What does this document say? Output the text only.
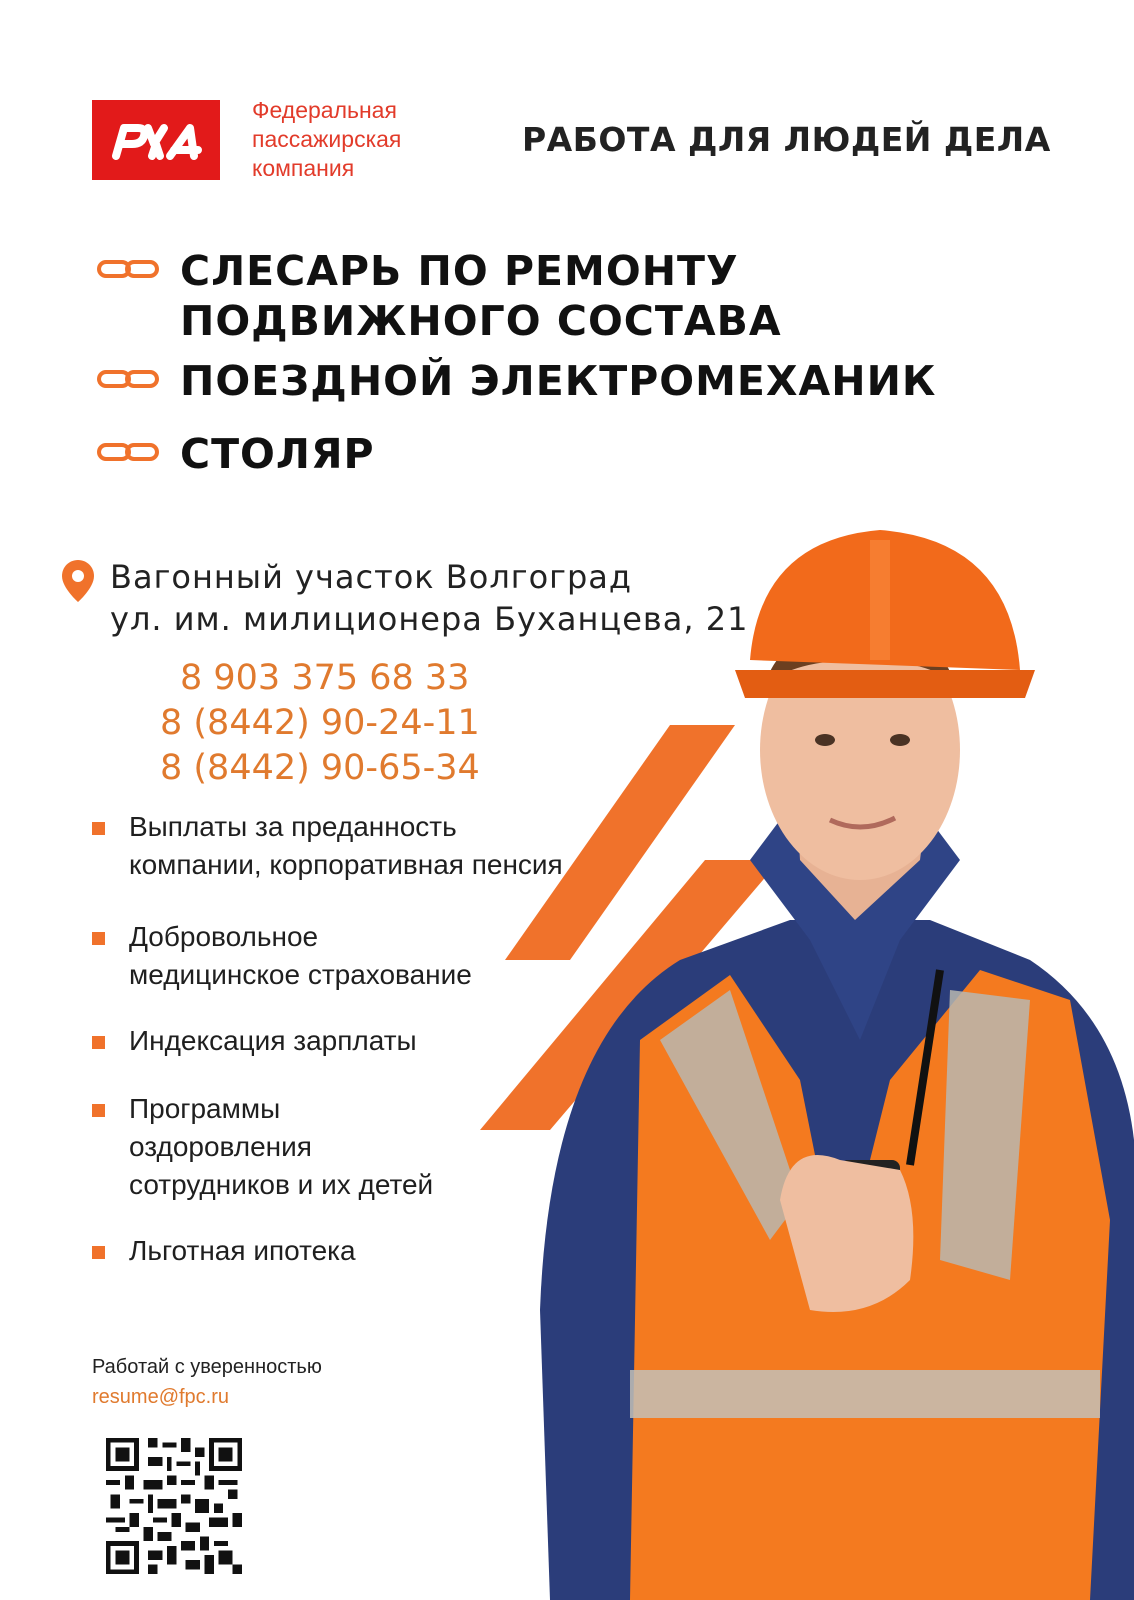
Федеральная
пассажирская
компания
РАБОТА ДЛЯ ЛЮДЕЙ ДЕЛА
СЛЕСАРЬ ПО РЕМОНТУ ПОДВИЖНОГО СОСТАВА
ПОЕЗДНОЙ ЭЛЕКТРОМЕХАНИК
СТОЛЯР
Вагонный участок Волгоград
ул. им. милиционера Буханцева, 21
8 903 375 68 33
8 (8442) 90-24-11
8 (8442) 90-65-34
Выплаты за преданность
компании, корпоративная пенсия
Добровольное
медицинское страхование
Индексация зарплаты
Программы
оздоровления
сотрудников и их детей
Льготная ипотека
Работай с уверенностью
resume@fpc.ru
